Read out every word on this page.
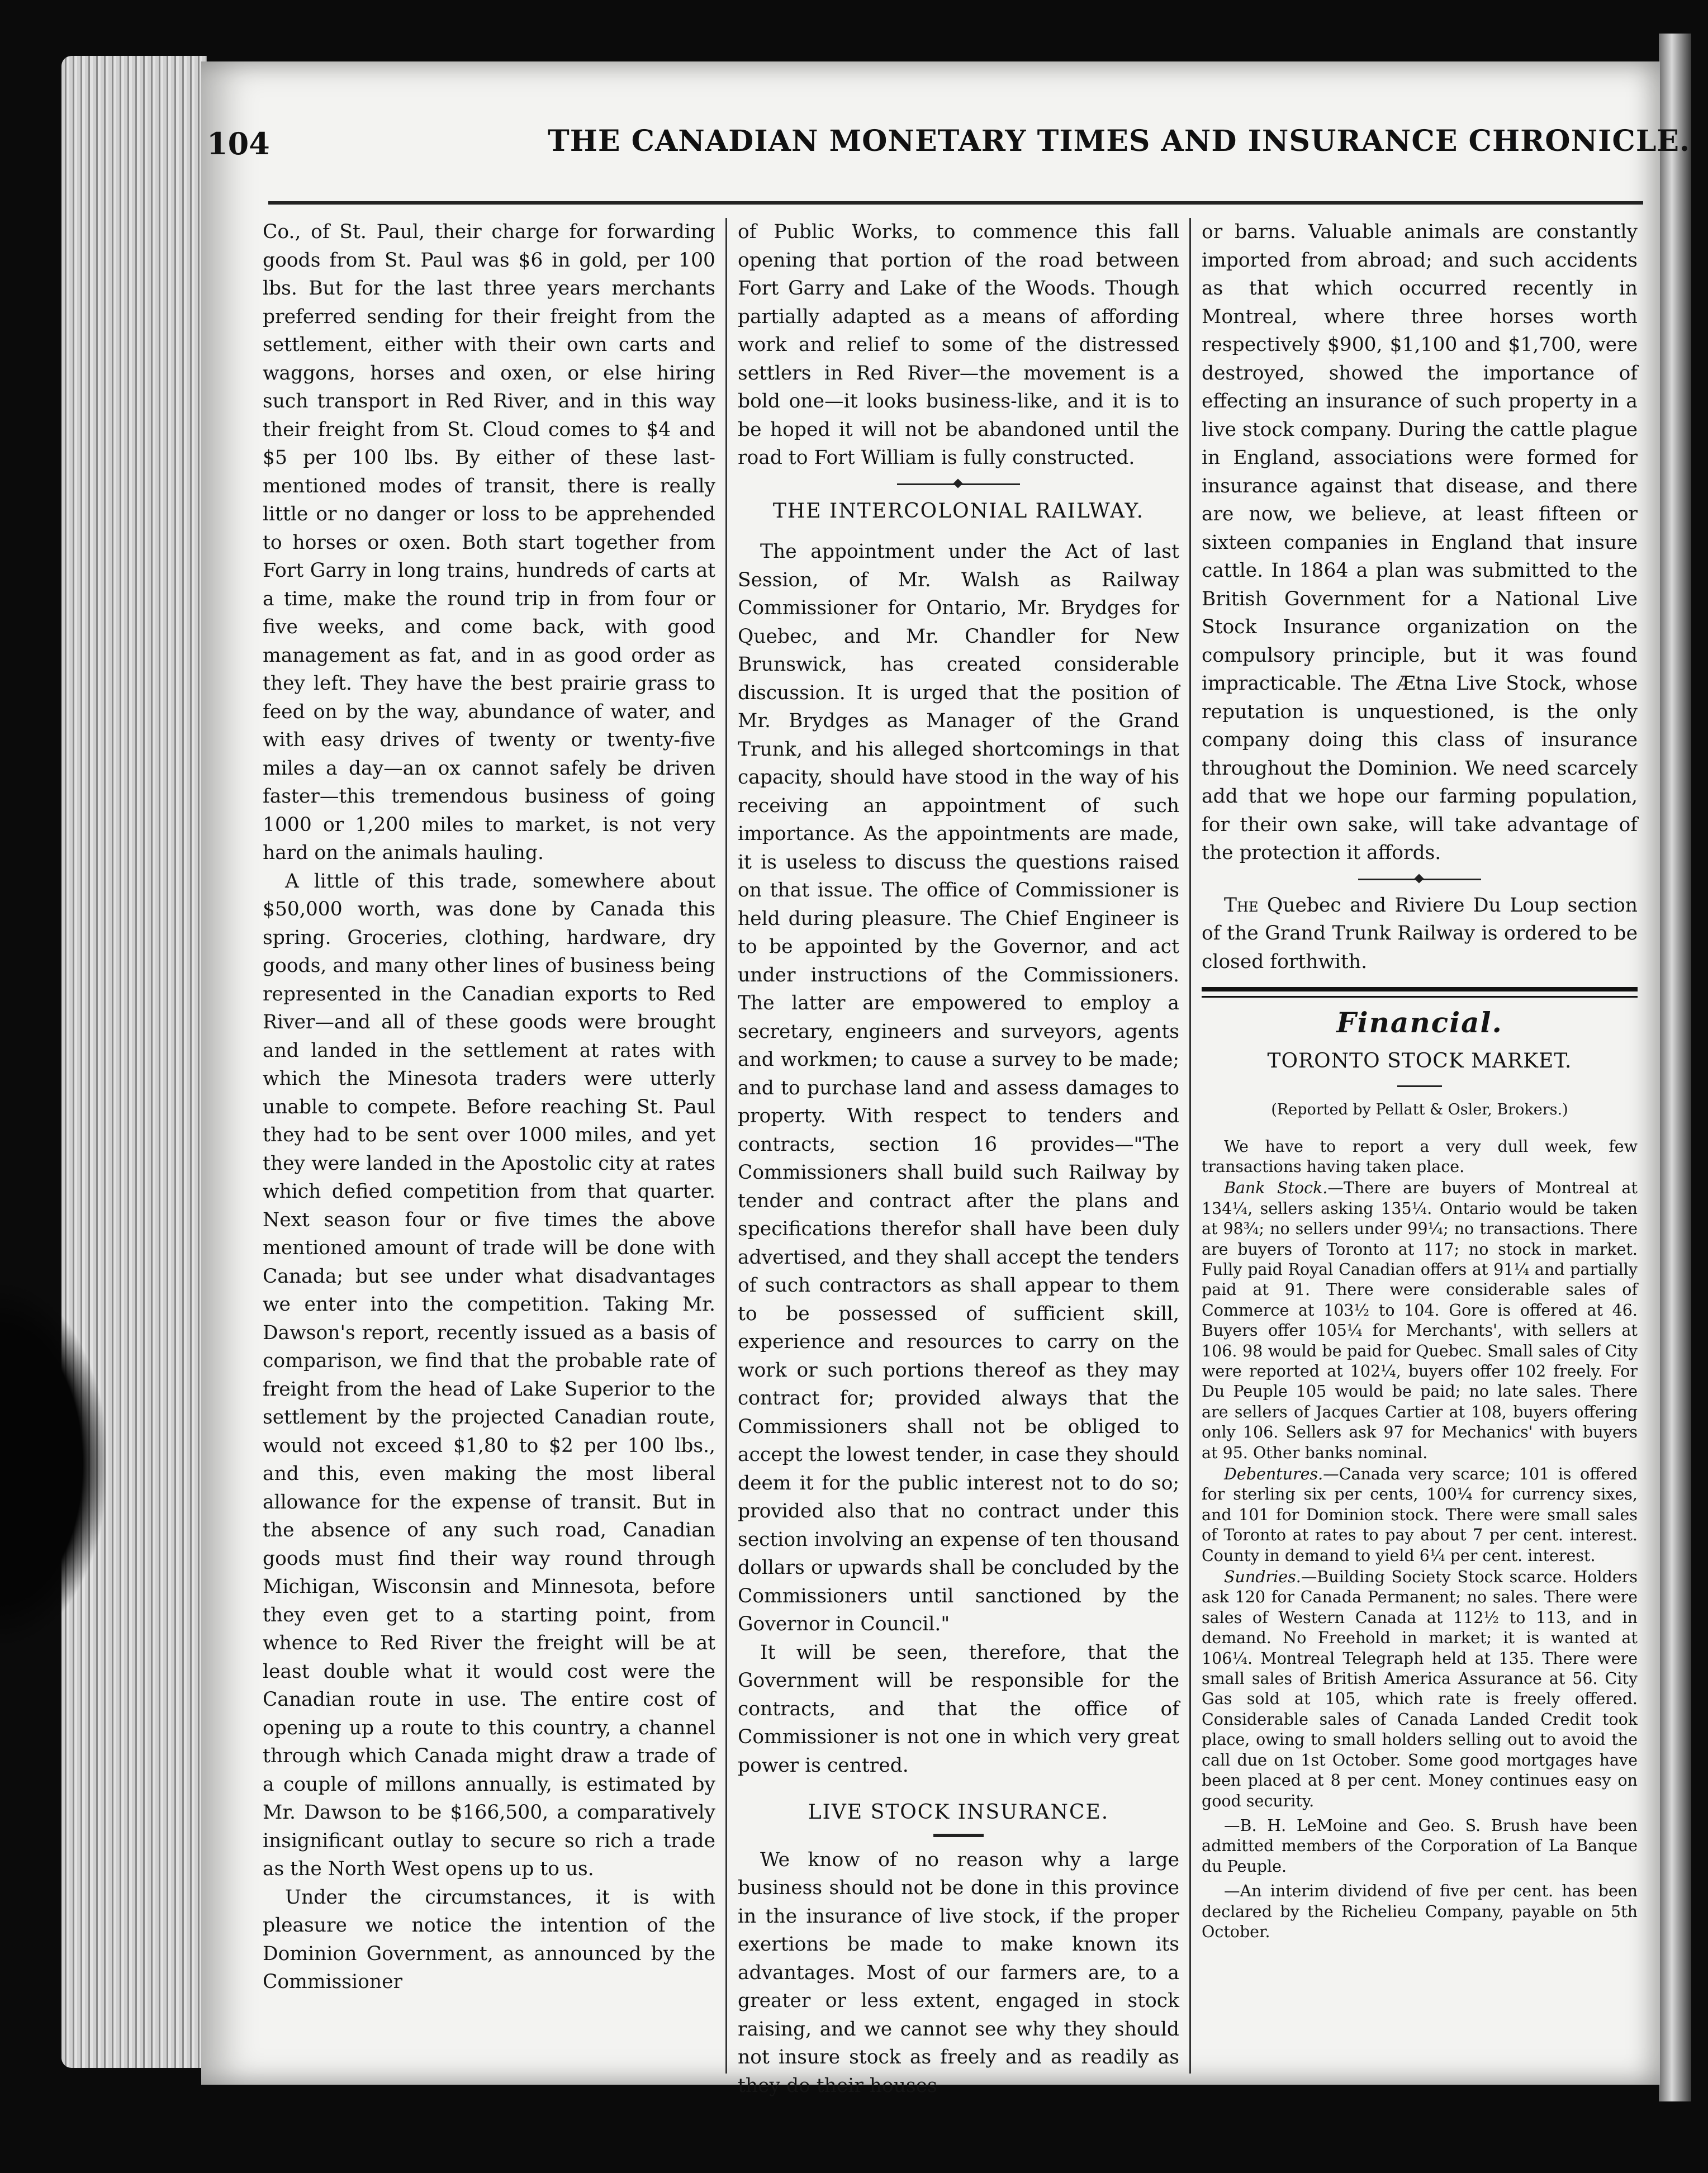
104	THE CANADIAN MONETARY TIMES AND INSURANCE CHRONICLE.

Co., of St. Paul, their charge for forwarding goods from St. Paul was $6 in gold, per 100 lbs. But for the last three years merchants preferred sending for their freight from the settlement, either with their own carts and waggons, horses and oxen, or else hiring such transport in Red River, and in this way their freight from St. Cloud comes to $4 and $5 per 100 lbs. By either of these last-mentioned modes of transit, there is really little or no danger or loss to be apprehended to horses or oxen. Both start together from Fort Garry in long trains, hundreds of carts at a time, make the round trip in from four or five weeks, and come back, with good management as fat, and in as good order as they left. They have the best prairie grass to feed on by the way, abundance of water, and with easy drives of twenty or twenty-five miles a day—an ox cannot safely be driven faster—this tremendous business of going 1000 or 1,200 miles to market, is not very hard on the animals hauling.

A little of this trade, somewhere about $50,000 worth, was done by Canada this spring. Groceries, clothing, hardware, dry goods, and many other lines of business being represented in the Canadian exports to Red River—and all of these goods were brought and landed in the settlement at rates with which the Minesota traders were utterly unable to compete. Before reaching St. Paul they had to be sent over 1000 miles, and yet they were landed in the Apostolic city at rates which defied competition from that quarter. Next season four or five times the above mentioned amount of trade will be done with Canada; but see under what disadvantages we enter into the competition. Taking Mr. Dawson's report, recently issued as a basis of comparison, we find that the probable rate of freight from the head of Lake Superior to the settlement by the projected Canadian route, would not exceed $1,80 to $2 per 100 lbs., and this, even making the most liberal allowance for the expense of transit. But in the absence of any such road, Canadian goods must find their way round through Michigan, Wisconsin and Minnesota, before they even get to a starting point, from whence to Red River the freight will be at least double what it would cost were the Canadian route in use. The entire cost of opening up a route to this country, a channel through which Canada might draw a trade of a couple of millons annually, is estimated by Mr. Dawson to be $166,500, a comparatively insignificant outlay to secure so rich a trade as the North West opens up to us.

Under the circumstances, it is with pleasure we notice the intention of the Dominion Government, as announced by the Commissioner

of Public Works, to commence this fall opening that portion of the road between Fort Garry and Lake of the Woods. Though partially adapted as a means of affording work and relief to some of the distressed settlers in Red River—the movement is a bold one—it looks business-like, and it is to be hoped it will not be abandoned until the road to Fort William is fully constructed.

THE INTERCOLONIAL RAILWAY.

The appointment under the Act of last Session, of Mr. Walsh as Railway Commissioner for Ontario, Mr. Brydges for Quebec, and Mr. Chandler for New Brunswick, has created considerable discussion. It is urged that the position of Mr. Brydges as Manager of the Grand Trunk, and his alleged shortcomings in that capacity, should have stood in the way of his receiving an appointment of such importance. As the appointments are made, it is useless to discuss the questions raised on that issue. The office of Commissioner is held during pleasure. The Chief Engineer is to be appointed by the Governor, and act under instructions of the Commissioners. The latter are empowered to employ a secretary, engineers and surveyors, agents and workmen; to cause a survey to be made; and to purchase land and assess damages to property. With respect to tenders and contracts, section 16 provides—"The Commissioners shall build such Railway by tender and contract after the plans and specifications therefor shall have been duly advertised, and they shall accept the tenders of such contractors as shall appear to them to be possessed of sufficient skill, experience and resources to carry on the work or such portions thereof as they may contract for; provided always that the Commissioners shall not be obliged to accept the lowest tender, in case they should deem it for the public interest not to do so; provided also that no contract under this section involving an expense of ten thousand dollars or upwards shall be concluded by the Commissioners until sanctioned by the Governor in Council."

It will be seen, therefore, that the Government will be responsible for the contracts, and that the office of Commissioner is not one in which very great power is centred.

LIVE STOCK INSURANCE.

We know of no reason why a large business should not be done in this province in the insurance of live stock, if the proper exertions be made to make known its advantages. Most of our farmers are, to a greater or less extent, engaged in stock raising, and we cannot see why they should not insure stock as freely and as readily as they do their houses

or barns. Valuable animals are constantly imported from abroad; and such accidents as that which occurred recently in Montreal, where three horses worth respectively $900, $1,100 and $1,700, were destroyed, showed the importance of effecting an insurance of such property in a live stock company. During the cattle plague in England, associations were formed for insurance against that disease, and there are now, we believe, at least fifteen or sixteen companies in England that insure cattle. In 1864 a plan was submitted to the British Government for a National Live Stock Insurance organization on the compulsory principle, but it was found impracticable. The Ætna Live Stock, whose reputation is unquestioned, is the only company doing this class of insurance throughout the Dominion. We need scarcely add that we hope our farming population, for their own sake, will take advantage of the protection it affords.

The Quebec and Riviere Du Loup section of the Grand Trunk Railway is ordered to be closed forthwith.

Financial.
TORONTO STOCK MARKET.
(Reported by Pellatt & Osler, Brokers.)

We have to report a very dull week, few transactions having taken place.

Bank Stock.—There are buyers of Montreal at 134¼, sellers asking 135¼. Ontario would be taken at 98¾; no sellers under 99¼; no transactions. There are buyers of Toronto at 117; no stock in market. Fully paid Royal Canadian offers at 91¼ and partially paid at 91. There were considerable sales of Commerce at 103½ to 104. Gore is offered at 46. Buyers offer 105¼ for Merchants', with sellers at 106. 98 would be paid for Quebec. Small sales of City were reported at 102¼, buyers offer 102 freely. For Du Peuple 105 would be paid; no late sales. There are sellers of Jacques Cartier at 108, buyers offering only 106. Sellers ask 97 for Mechanics' with buyers at 95. Other banks nominal.

Debentures.—Canada very scarce; 101 is offered for sterling six per cents, 100¼ for currency sixes, and 101 for Dominion stock. There were small sales of Toronto at rates to pay about 7 per cent. interest. County in demand to yield 6¼ per cent. interest.

Sundries.—Building Society Stock scarce. Holders ask 120 for Canada Permanent; no sales. There were sales of Western Canada at 112½ to 113, and in demand. No Freehold in market; it is wanted at 106¼. Montreal Telegraph held at 135. There were small sales of British America Assurance at 56. City Gas sold at 105, which rate is freely offered. Considerable sales of Canada Landed Credit took place, owing to small holders selling out to avoid the call due on 1st October. Some good mortgages have been placed at 8 per cent. Money continues easy on good security.

—B. H. LeMoine and Geo. S. Brush have been admitted members of the Corporation of La Banque du Peuple.

—An interim dividend of five per cent. has been declared by the Richelieu Company, payable on 5th October.
